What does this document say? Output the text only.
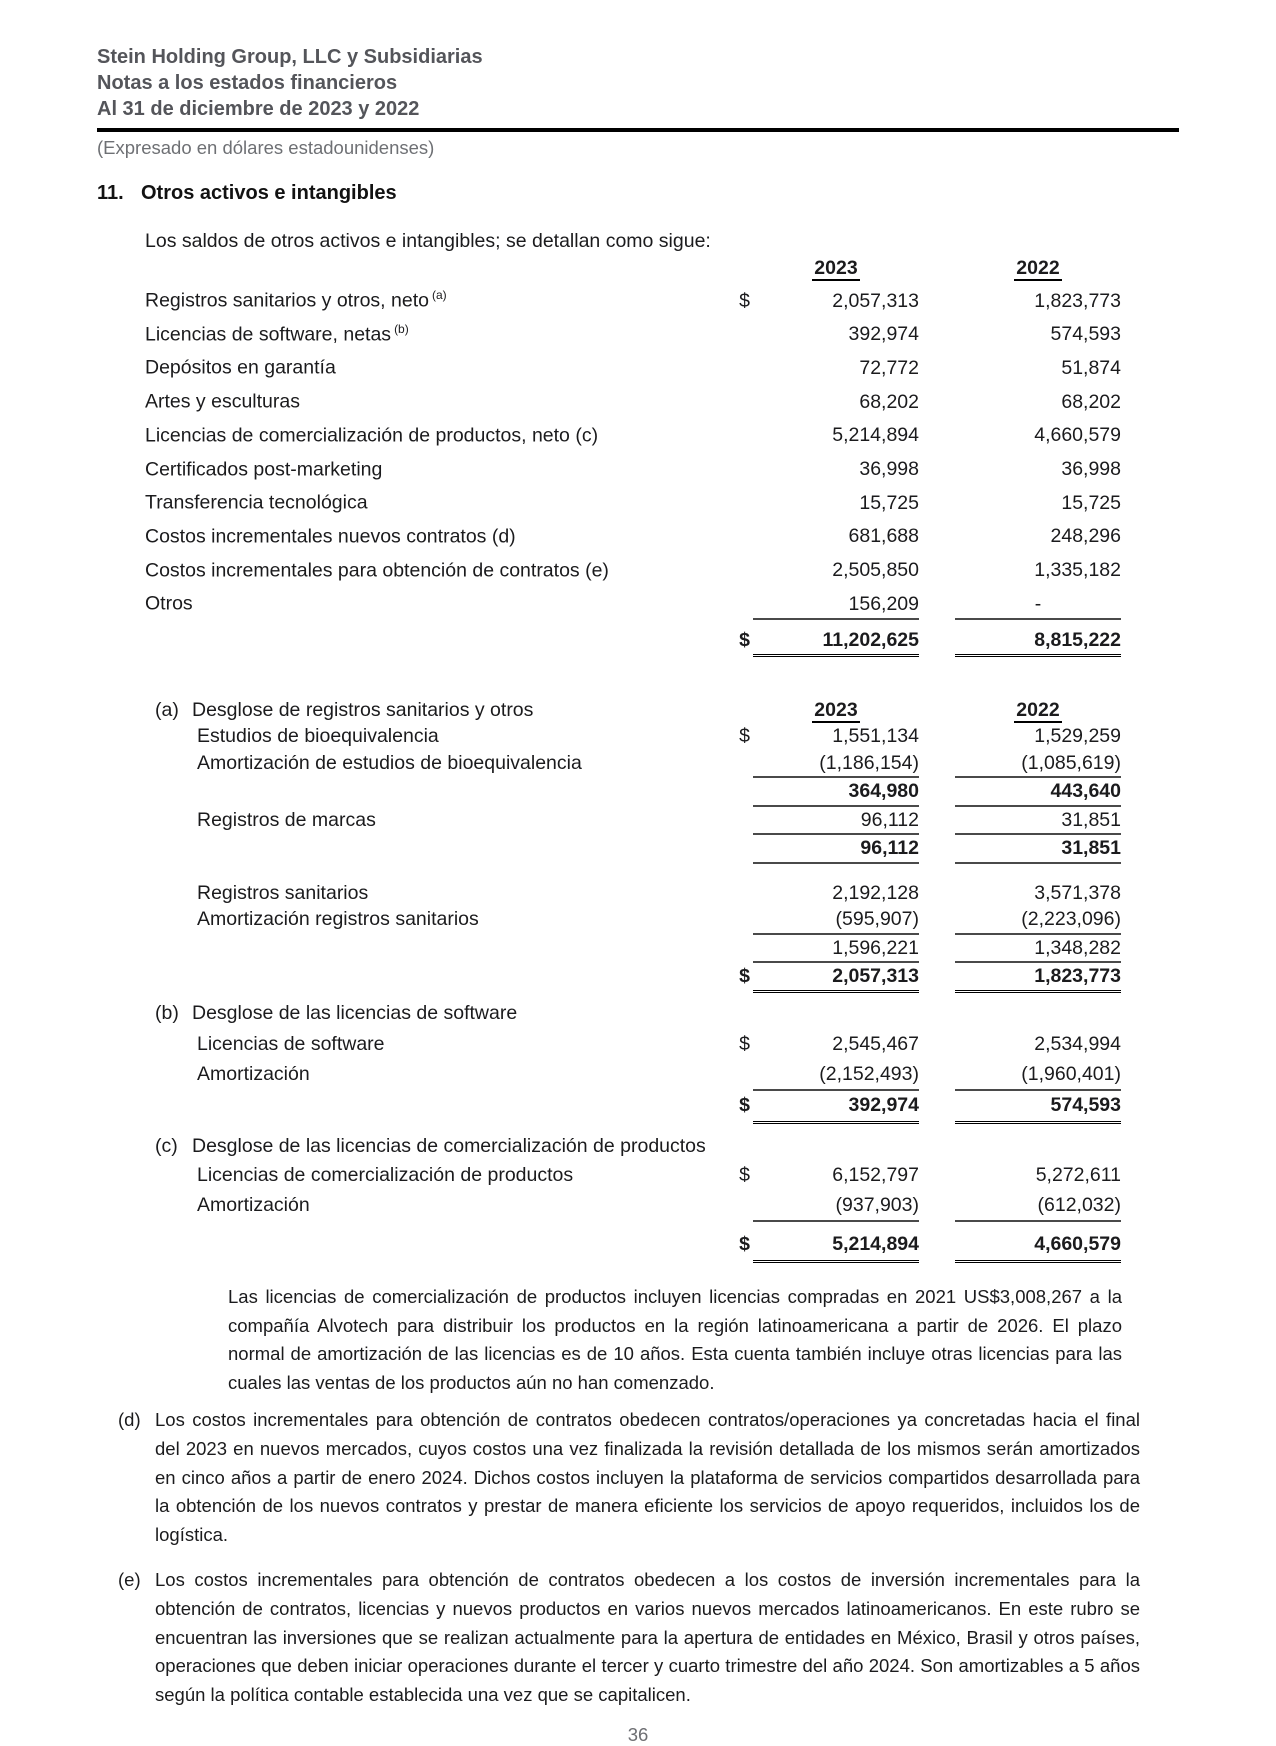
Stein Holding Group, LLC y Subsidiarias
Notas a los estados financieros
Al 31 de diciembre de 2023 y 2022
(Expresado en dólares estadounidenses)
11. Otros activos e intangibles
Los saldos de otros activos e intangibles; se detallan como sigue:
2023	2022
Registros sanitarios y otros, neto $^{(a)}$	$	2,057,313	1,823,773
Licencias de software, netas $^{(b)}$	392,974	574,593
Depósitos en garantía	72,772	51,874
Artes y esculturas	68,202	68,202
Licencias de comercialización de productos, neto (c)	5,214,894	4,660,579
Certificados post-marketing	36,998	36,998
Transferencia tecnológica	15,725	15,725
Costos incrementales nuevos contratos (d)	681,688	248,296
Costos incrementales para obtención de contratos (e)	2,505,850	1,335,182
Otros	156,209	-
$	11,202,625	8,815,222
(a) Desglose de registros sanitarios y otros	2023	2022
Estudios de bioequivalencia	$	1,551,134	1,529,259
Amortización de estudios de bioequivalencia	(1,186,154)	(1,085,619)
364,980	443,640
Registros de marcas	96,112	31,851
96,112	31,851
Registros sanitarios	2,192,128	3,571,378
Amortización registros sanitarios	(595,907)	(2,223,096)
1,596,221	1,348,282
$	2,057,313	1,823,773
(b) Desglose de las licencias de software
Licencias de software	$	2,545,467	2,534,994
Amortización	(2,152,493)	(1,960,401)
$	392,974	574,593
(c) Desglose de las licencias de comercialización de productos
Licencias de comercialización de productos	$	6,152,797	5,272,611
Amortización	(937,903)	(612,032)
$	5,214,894	4,660,579
Las licencias de comercialización de productos incluyen licencias compradas en 2021 US$3,008,267 a la compañía Alvotech para distribuir los productos en la región latinoamericana a partir de 2026. El plazo normal de amortización de las licencias es de 10 años. Esta cuenta también incluye otras licencias para las cuales las ventas de los productos aún no han comenzado.
(d) Los costos incrementales para obtención de contratos obedecen contratos/operaciones ya concretadas hacia el final del 2023 en nuevos mercados, cuyos costos una vez finalizada la revisión detallada de los mismos serán amortizados en cinco años a partir de enero 2024. Dichos costos incluyen la plataforma de servicios compartidos desarrollada para la obtención de los nuevos contratos y prestar de manera eficiente los servicios de apoyo requeridos, incluidos los de logística.
(e) Los costos incrementales para obtención de contratos obedecen a los costos de inversión incrementales para la obtención de contratos, licencias y nuevos productos en varios nuevos mercados latinoamericanos. En este rubro se encuentran las inversiones que se realizan actualmente para la apertura de entidades en México, Brasil y otros países, operaciones que deben iniciar operaciones durante el tercer y cuarto trimestre del año 2024. Son amortizables a 5 años según la política contable establecida una vez que se capitalicen.
36
